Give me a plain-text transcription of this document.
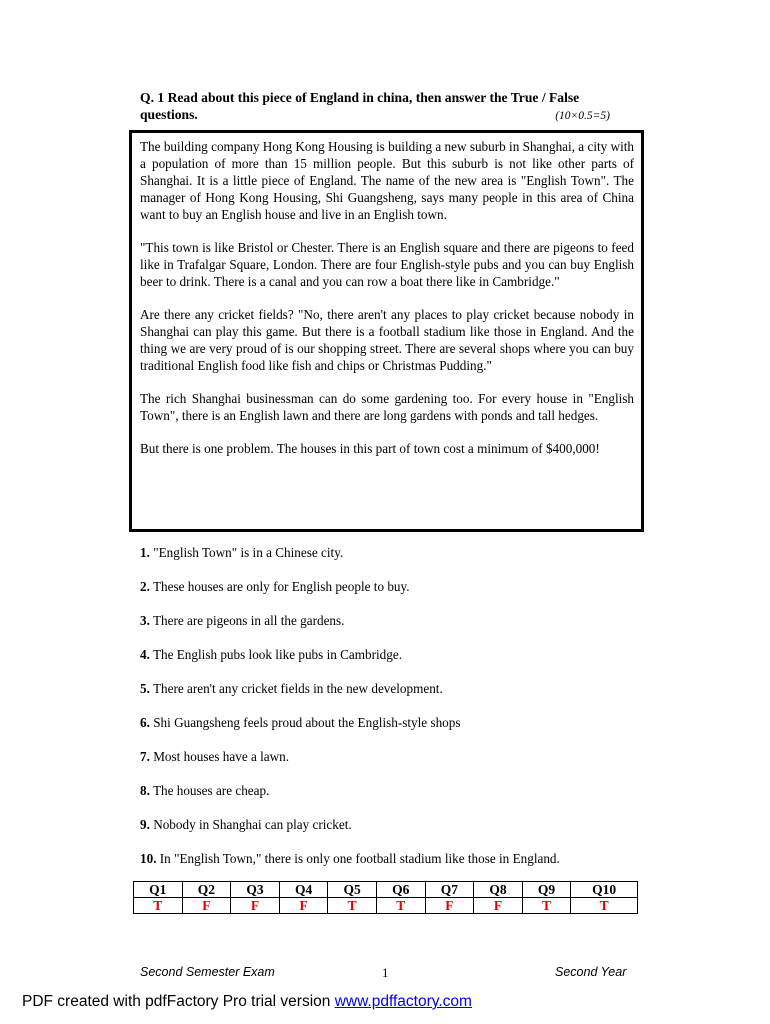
Q. 1 Read about this piece of England in china, then answer the True / False
questions.	(10×0.5=5)

The building company Hong Kong Housing is building a new suburb in Shanghai, a city with a population of more than 15 million people. But this suburb is not like other parts of Shanghai. It is a little piece of England. The name of the new area is "English Town". The manager of Hong Kong Housing, Shi Guangsheng, says many people in this area of China want to buy an English house and live in an English town.

"This town is like Bristol or Chester. There is an English square and there are pigeons to feed like in Trafalgar Square, London. There are four English-style pubs and you can buy English beer to drink. There is a canal and you can row a boat there like in Cambridge."

Are there any cricket fields? "No, there aren't any places to play cricket because nobody in Shanghai can play this game. But there is a football stadium like those in England. And the thing we are very proud of is our shopping street. There are several shops where you can buy traditional English food like fish and chips or Christmas Pudding."

The rich Shanghai businessman can do some gardening too. For every house in "English Town", there is an English lawn and there are long gardens with ponds and tall hedges.

But there is one problem. The houses in this part of town cost a minimum of $400,000!

1. "English Town" is in a Chinese city.
2. These houses are only for English people to buy.
3. There are pigeons in all the gardens.
4. The English pubs look like pubs in Cambridge.
5. There aren't any cricket fields in the new development.
6. Shi Guangsheng feels proud about the English-style shops
7. Most houses have a lawn.
8. The houses are cheap.
9. Nobody in Shanghai can play cricket.
10. In "English Town," there is only one football stadium like those in England.
Q1	Q2	Q3	Q4	Q5	Q6	Q7	Q8	Q9	Q10
T	F	F	F	T	T	F	F	T	T
Second Semester Exam	1	Second Year
PDF created with pdfFactory Pro trial version www.pdffactory.com
